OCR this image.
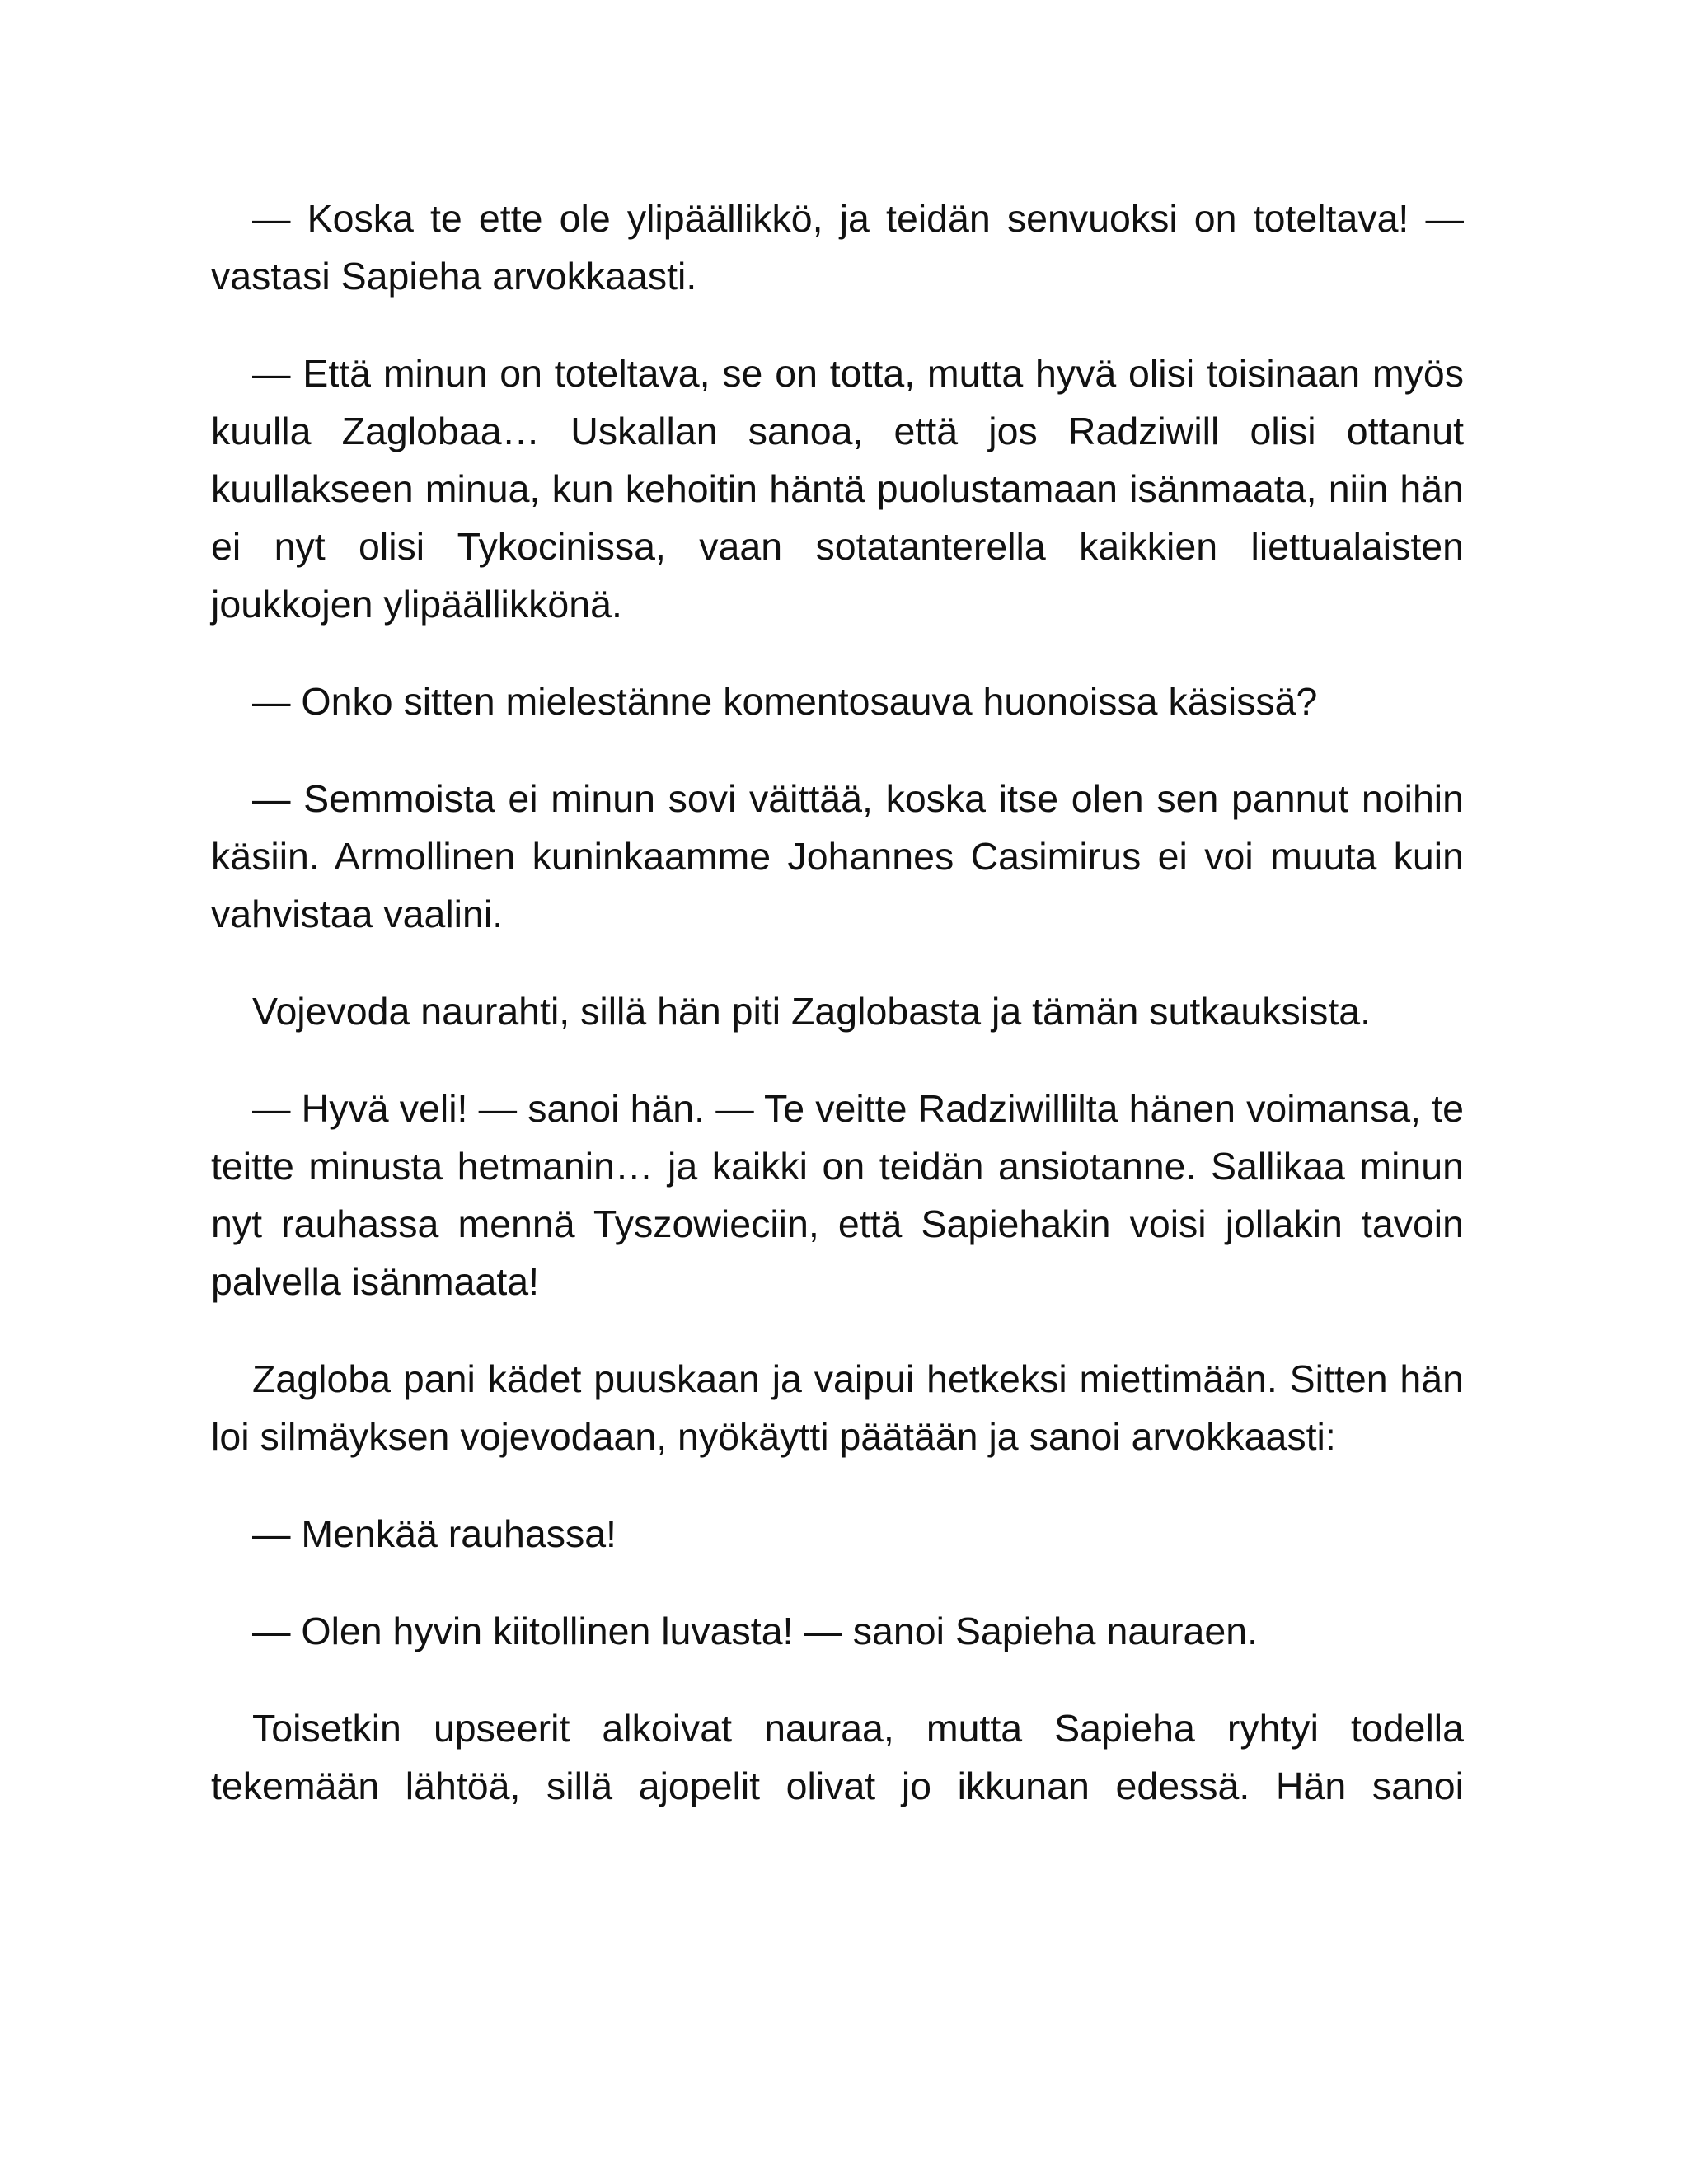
— Koska te ette ole ylipäällikkö, ja teidän senvuoksi on toteltava! — vastasi Sapieha arvokkaasti.

— Että minun on toteltava, se on totta, mutta hyvä olisi toisinaan myös kuulla Zaglobaa… Uskallan sanoa, että jos Radziwill olisi ottanut kuullakseen minua, kun kehoitin häntä puolustamaan isänmaata, niin hän ei nyt olisi Tykocinissa, vaan sotatanterella kaikkien liettualaisten joukkojen ylipäällikkönä.

— Onko sitten mielestänne komentosauva huonoissa käsissä?

— Semmoista ei minun sovi väittää, koska itse olen sen pannut noihin käsiin. Armollinen kuninkaamme Johannes Casimirus ei voi muuta kuin vahvistaa vaalini.

Vojevoda naurahti, sillä hän piti Zaglobasta ja tämän sutkauksista.

— Hyvä veli! — sanoi hän. — Te veitte Radziwillilta hänen voimansa, te teitte minusta hetmanin… ja kaikki on teidän ansiotanne. Sallikaa minun nyt rauhassa mennä Tyszowieciin, että Sapiehakin voisi jollakin tavoin palvella isänmaata!

Zagloba pani kädet puuskaan ja vaipui hetkeksi miettimään. Sitten hän loi silmäyksen vojevodaan, nyökäytti päätään ja sanoi arvokkaasti:

— Menkää rauhassa!

— Olen hyvin kiitollinen luvasta! — sanoi Sapieha nauraen.

Toisetkin upseerit alkoivat nauraa, mutta Sapieha ryhtyi todella tekemään lähtöä, sillä ajopelit olivat jo ikkunan edessä. Hän sanoi
